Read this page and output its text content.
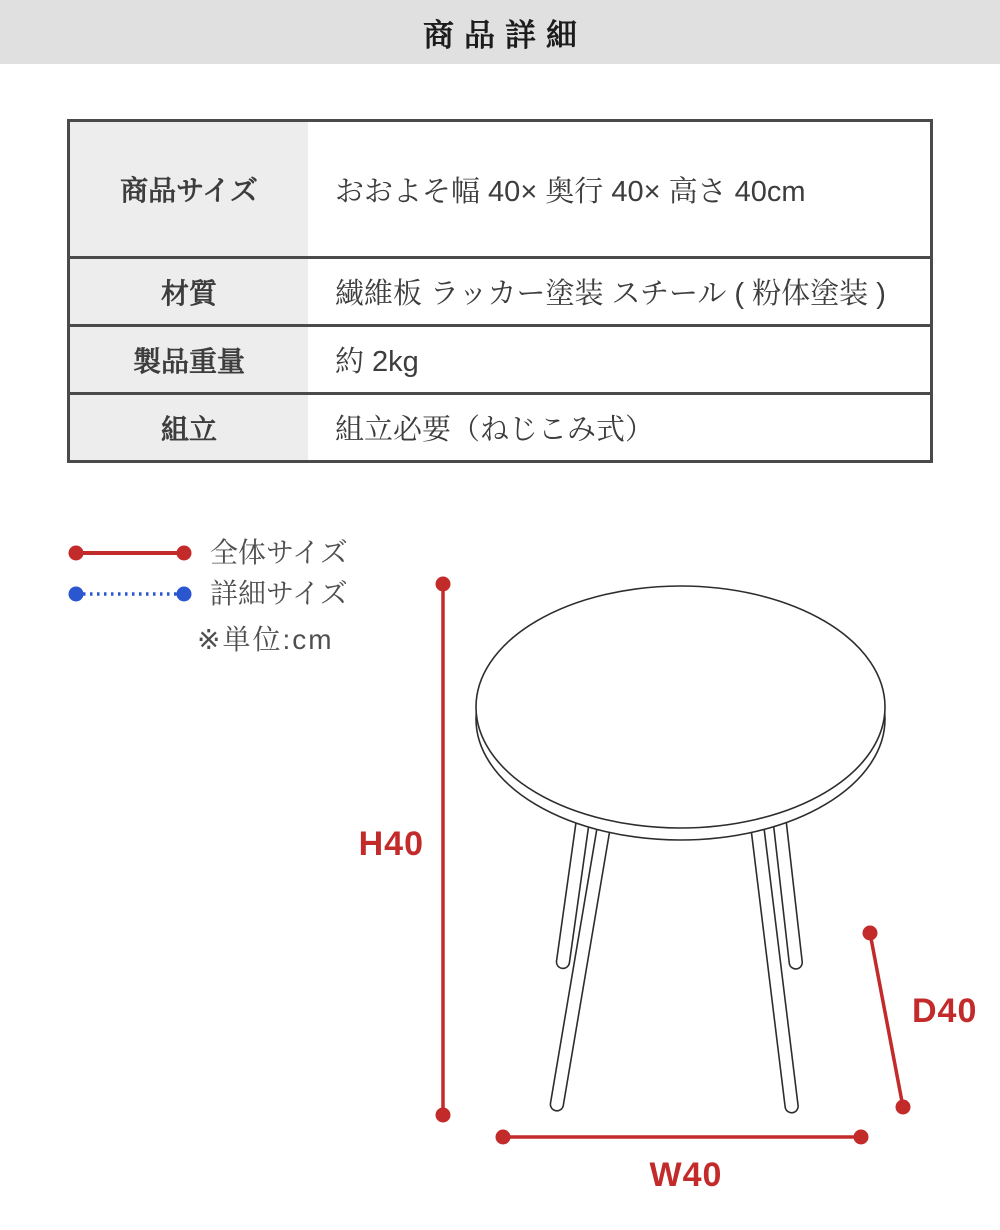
商品詳細
商品サイズ	おおよそ幅 40× 奥行 40× 高さ 40cm
材質	繊維板 ラッカー塗装 スチール ( 粉体塗装 )
製品重量	約 2kg
組立	組立必要（ねじこみ式）
全体サイズ
詳細サイズ
※単位:cm
H40
W40
D40
